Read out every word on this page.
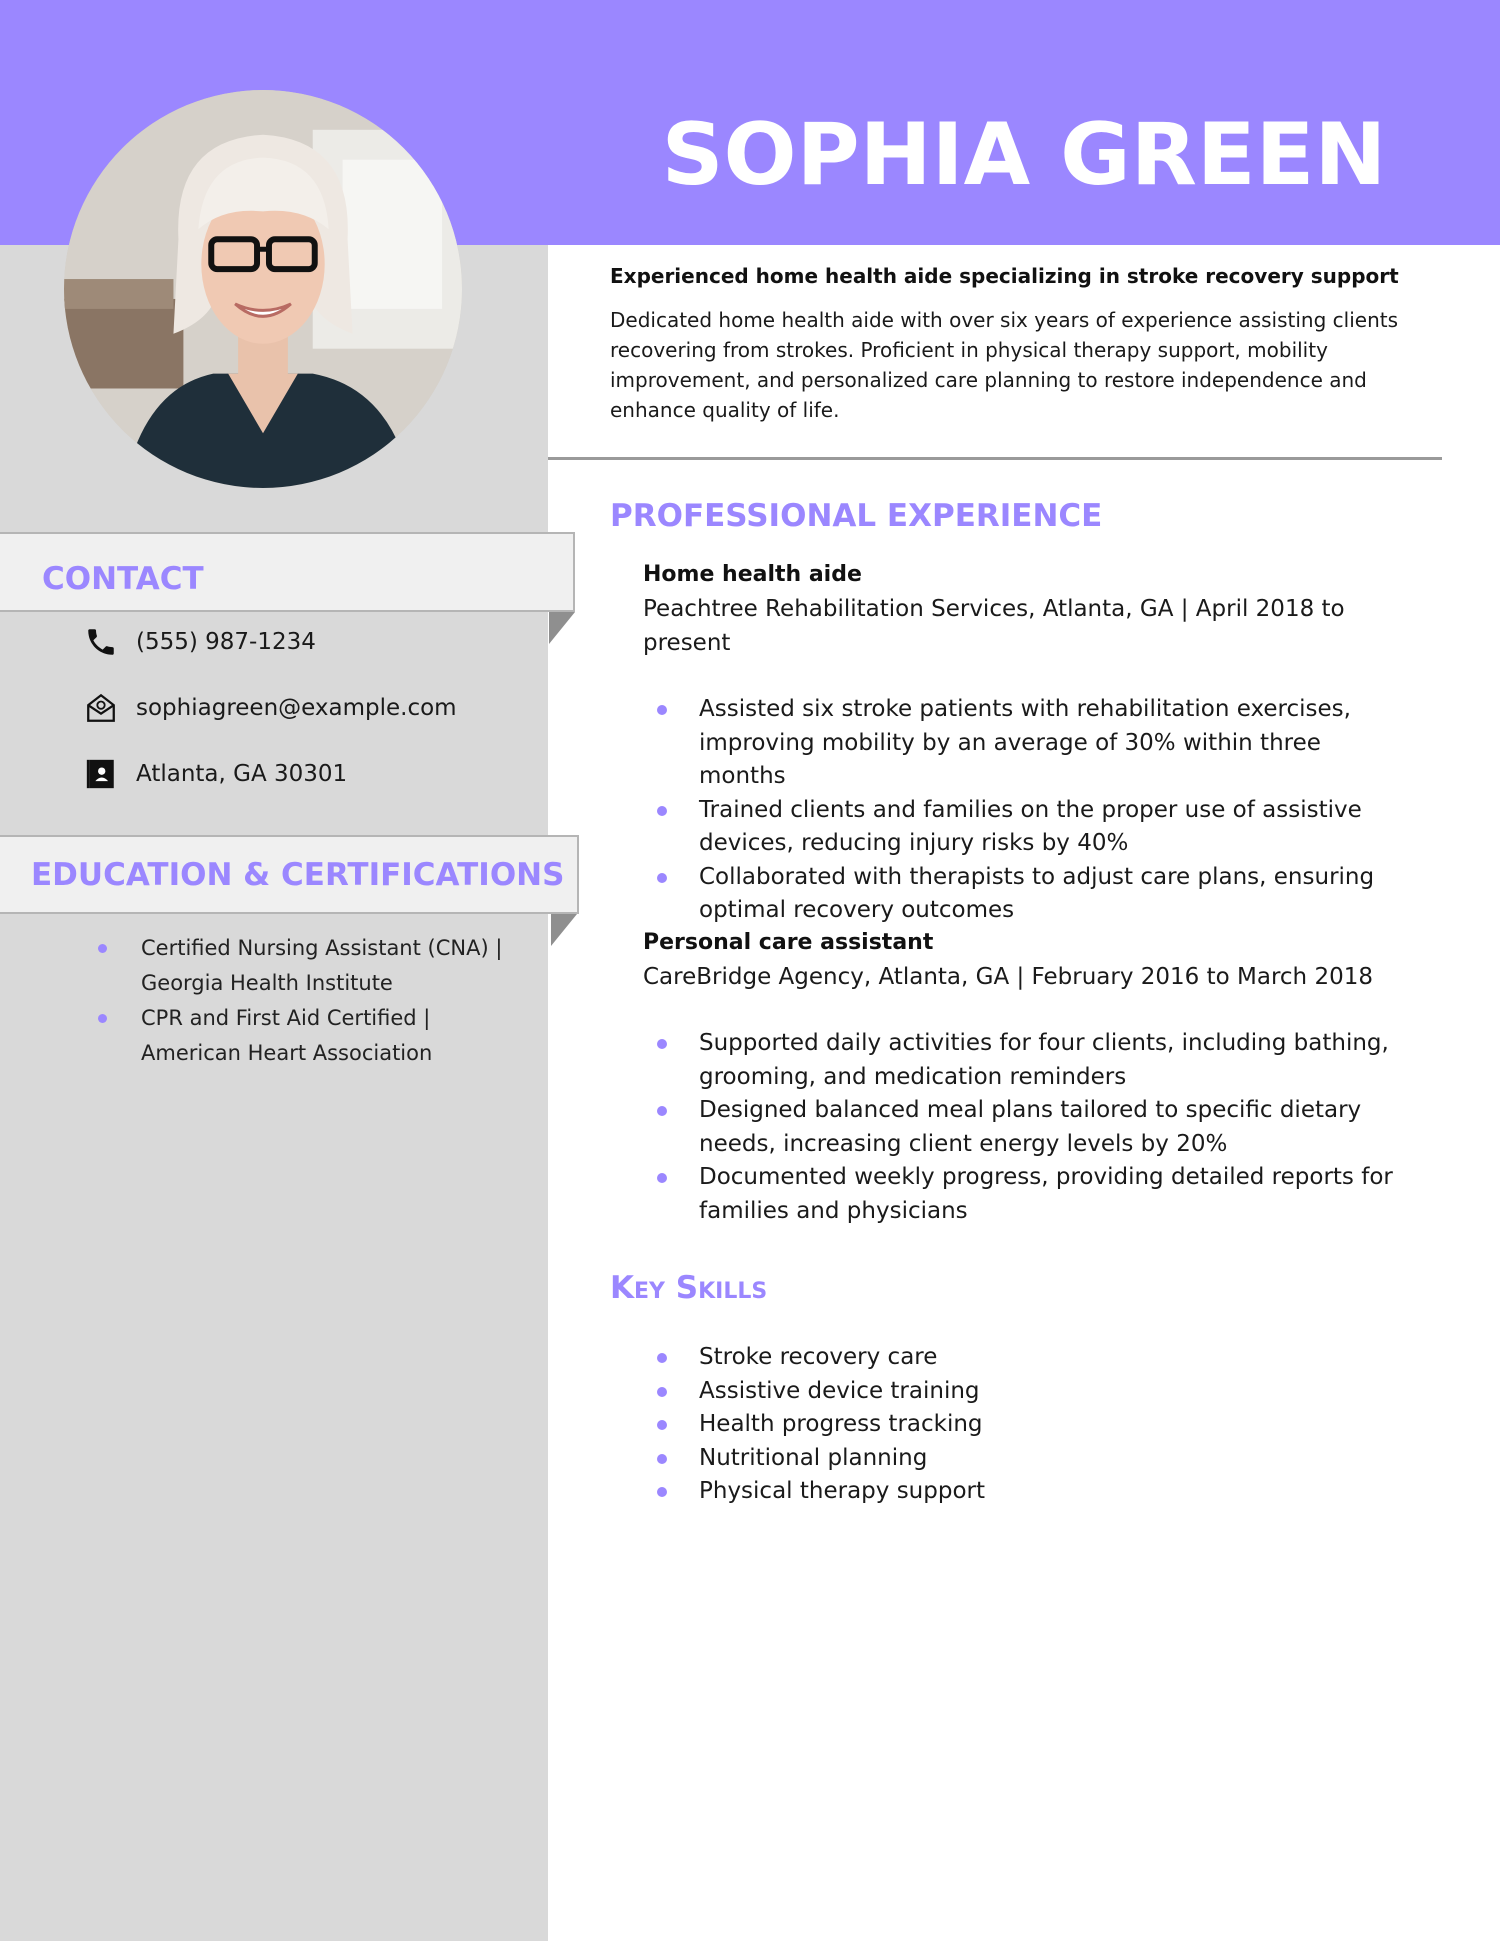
SOPHIA GREEN
Experienced home health aide specializing in stroke recovery support
Dedicated home health aide with over six years of experience assisting clients recovering from strokes. Proficient in physical therapy support, mobility improvement, and personalized care planning to restore independence and enhance quality of life.
PROFESSIONAL EXPERIENCE
Home health aide
Peachtree Rehabilitation Services, Atlanta, GA | April 2018 to present
Assisted six stroke patients with rehabilitation exercises, improving mobility by an average of 30% within three months
Trained clients and families on the proper use of assistive devices, reducing injury risks by 40%
Collaborated with therapists to adjust care plans, ensuring optimal recovery outcomes
Personal care assistant
CareBridge Agency, Atlanta, GA | February 2016 to March 2018
Supported daily activities for four clients, including bathing, grooming, and medication reminders
Designed balanced meal plans tailored to specific dietary needs, increasing client energy levels by 20%
Documented weekly progress, providing detailed reports for families and physicians
Key Skills
Stroke recovery care
Assistive device training
Health progress tracking
Nutritional planning
Physical therapy support
CONTACT
(555) 987-1234
sophiagreen@example.com
Atlanta, GA 30301
EDUCATION & CERTIFICATIONS
Certified Nursing Assistant (CNA) | Georgia Health Institute
CPR and First Aid Certified | American Heart Association
